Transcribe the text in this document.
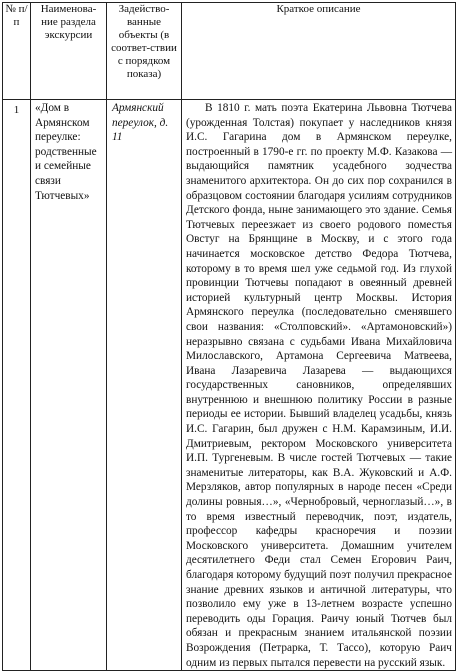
№ п/п	Наименова-ние раздела экскурсии	Задейство-ванные объекты (в соответ-ствии с порядком показа)	Краткое описание

1	«Дом в Армянском переулке: родственные и семейные связи Тютчевых»	Армянский переулок, д. 11	В 1810 г. мать поэта Екатерина Львовна Тютчева (урожденная Толстая) покупает у наследников князя И.С. Гагарина дом в Армянском переулке, построенный в 1790-е гг. по проекту М.Ф. Казакова — выдающийся памятник усадебного зодчества знаменитого архитектора. Он до сих пор сохранился в образцовом состоянии благодаря усилиям сотрудников Детского фонда, ныне занимающего это здание. Семья Тютчевых переезжает из своего родового поместья Овстуг на Брянщине в Москву, и с этого года начинается московское детство Федора Тютчева, которому в то время шел уже седьмой год. Из глухой провинции Тютчевы попадают в овеянный древней историей культурный центр Москвы. История Армянского переулка (последовательно сменявшего свои названия: «Столповский». «Артамоновский») неразрывно связана с судьбами Ивана Михайловича Милославского, Артамона Сергеевича Матвеева, Ивана Лазаревича Лазарева — выдающихся государственных сановников, определявших внутреннюю и внешнюю политику России в разные периоды ее истории. Бывший владелец усадьбы, князь И.С. Гагарин, был дружен с Н.М. Карамзиным, И.И. Дмитриевым, ректором Московского университета И.П. Тургеневым. В числе гостей Тютчевых — такие знаменитые литераторы, как В.А. Жуковский и А.Ф. Мерзляков, автор популярных в народе песен «Среди долины ровныя…», «Чернобровый, черноглазый…», в то время известный переводчик, поэт, издатель, профессор кафедры красноречия и поэзии Московского университета. Домашним учителем десятилетнего Феди стал Семен Егорович Раич, благодаря которому будущий поэт получил прекрасное знание древних языков и античной литературы, что позволило ему уже в 13-летнем возрасте успешно переводить оды Горация. Раичу юный Тютчев был обязан и прекрасным знанием итальянской поэзии Возрождения (Петрарка, Т. Тассо), которую Раич одним из первых пытался перевести на русский язык.
